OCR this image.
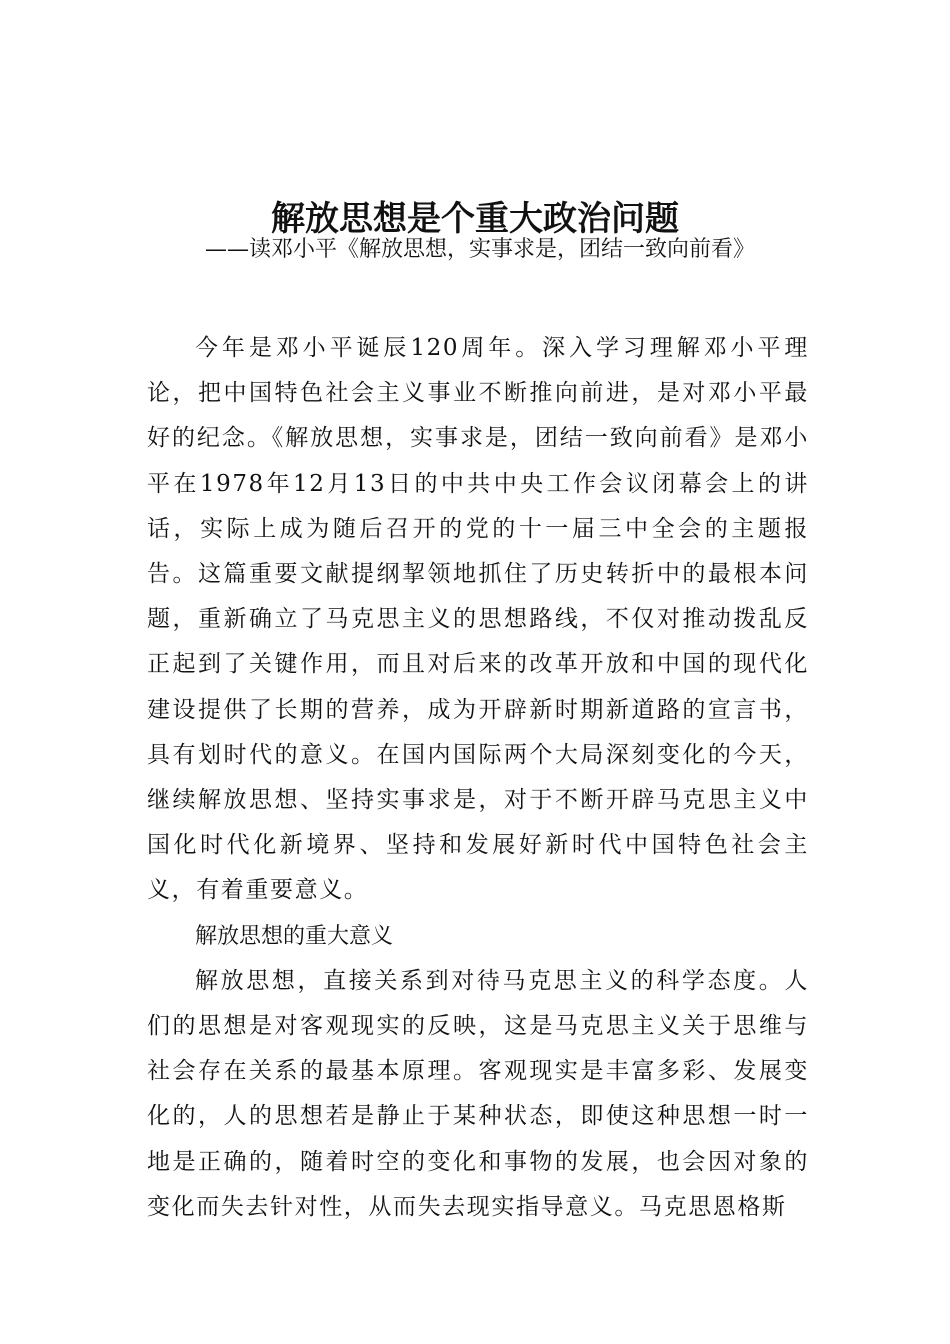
解放思想是个重大政治问题
——读邓小平《解放思想，实事求是，团结一致向前看》

今年是邓小平诞辰120周年。深入学习理解邓小平理论，把中国特色社会主义事业不断推向前进，是对邓小平最好的纪念。《解放思想，实事求是，团结一致向前看》是邓小平在1978年12月13日的中共中央工作会议闭幕会上的讲话，实际上成为随后召开的党的十一届三中全会的主题报告。这篇重要文献提纲挈领地抓住了历史转折中的最根本问题，重新确立了马克思主义的思想路线，不仅对推动拨乱反正起到了关键作用，而且对后来的改革开放和中国的现代化建设提供了长期的营养，成为开辟新时期新道路的宣言书，具有划时代的意义。在国内国际两个大局深刻变化的今天，继续解放思想、坚持实事求是，对于不断开辟马克思主义中国化时代化新境界、坚持和发展好新时代中国特色社会主义，有着重要意义。

解放思想的重大意义

解放思想，直接关系到对待马克思主义的科学态度。人们的思想是对客观现实的反映，这是马克思主义关于思维与社会存在关系的最基本原理。客观现实是丰富多彩、发展变化的，人的思想若是静止于某种状态，即使这种思想一时一地是正确的，随着时空的变化和事物的发展，也会因对象的变化而失去针对性，从而失去现实指导意义。马克思恩格斯
